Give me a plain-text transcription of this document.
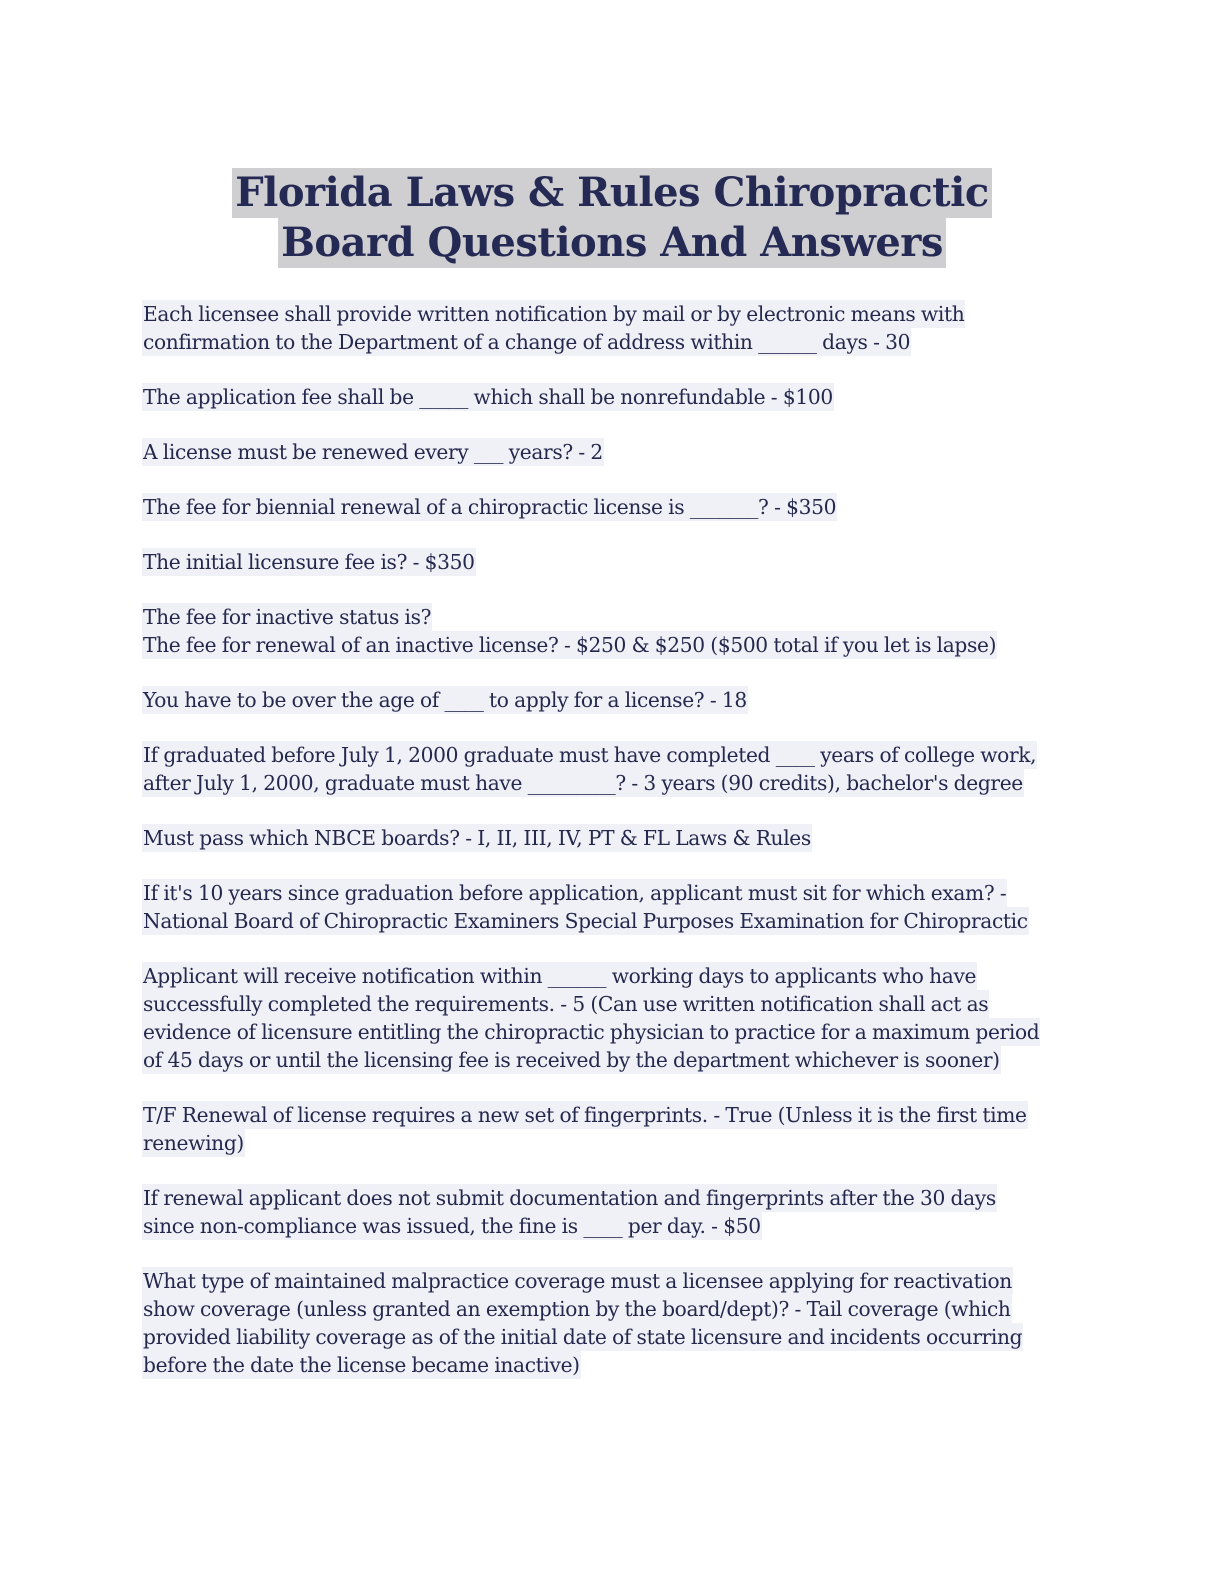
Florida Laws & Rules Chiropractic
Board Questions And Answers
Each licensee shall provide written notification by mail or by electronic means with
confirmation to the Department of a change of address within ______ days - 30
The application fee shall be _____ which shall be nonrefundable - $100
A license must be renewed every ___ years? - 2
The fee for biennial renewal of a chiropractic license is _______? - $350
The initial licensure fee is? - $350
The fee for inactive status is?
The fee for renewal of an inactive license? - $250 & $250 ($500 total if you let is lapse)
You have to be over the age of ____ to apply for a license? - 18
If graduated before July 1, 2000 graduate must have completed ____ years of college work,
after July 1, 2000, graduate must have _________? - 3 years (90 credits), bachelor's degree
Must pass which NBCE boards? - I, II, III, IV, PT & FL Laws & Rules
If it's 10 years since graduation before application, applicant must sit for which exam? -
National Board of Chiropractic Examiners Special Purposes Examination for Chiropractic
Applicant will receive notification within ______ working days to applicants who have
successfully completed the requirements. - 5 (Can use written notification shall act as
evidence of licensure entitling the chiropractic physician to practice for a maximum period
of 45 days or until the licensing fee is received by the department whichever is sooner)
T/F Renewal of license requires a new set of fingerprints. - True (Unless it is the first time
renewing)
If renewal applicant does not submit documentation and fingerprints after the 30 days
since non-compliance was issued, the fine is ____ per day. - $50
What type of maintained malpractice coverage must a licensee applying for reactivation
show coverage (unless granted an exemption by the board/dept)? - Tail coverage (which
provided liability coverage as of the initial date of state licensure and incidents occurring
before the date the license became inactive)
